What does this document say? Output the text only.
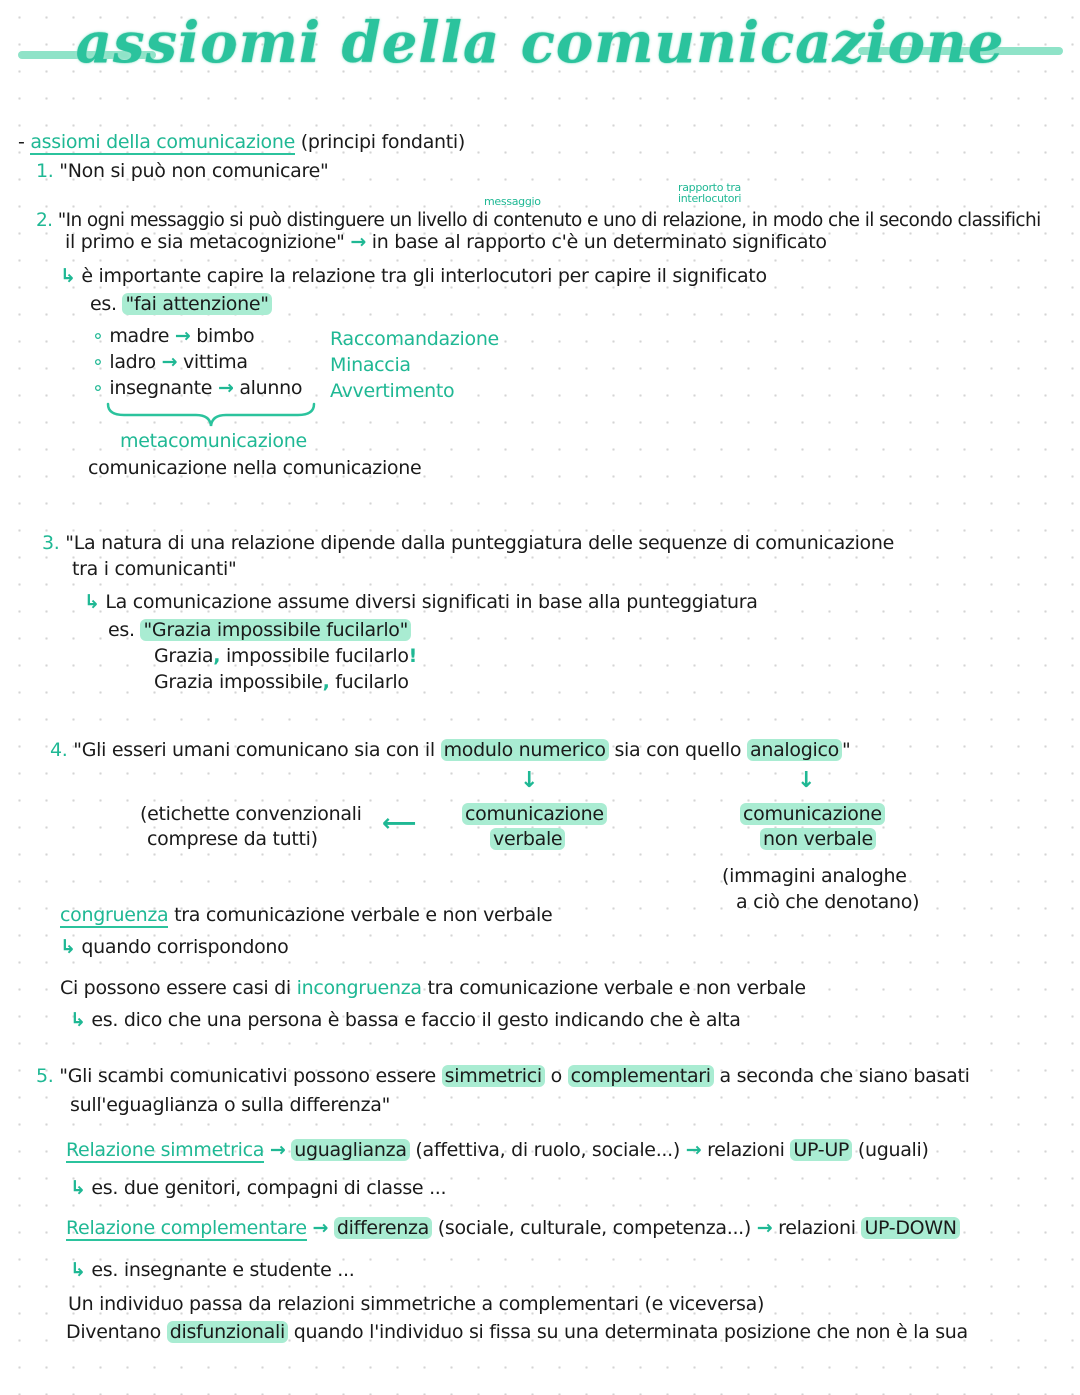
assiomi della comunicazione
- assiomi della comunicazione (principi fondanti)
1. "Non si può non comunicare"
messaggio
rapporto tra
interlocutori
2. "In ogni messaggio si può distinguere un livello di contenuto e uno di relazione, in modo che il secondo classifichi
il primo e sia metacognizione" → in base al rapporto c'è un determinato significato
↳ è importante capire la relazione tra gli interlocutori per capire il significato
es. "fai attenzione"
∘ madre → bimbo
∘ ladro → vittima
∘ insegnante → alunno
Raccomandazione
Minaccia
Avvertimento
metacomunicazione
comunicazione nella comunicazione
3. "La natura di una relazione dipende dalla punteggiatura delle sequenze di comunicazione
tra i comunicanti"
↳ La comunicazione assume diversi significati in base alla punteggiatura
es. "Grazia impossibile fucilarlo"
Grazia, impossibile fucilarlo!
Grazia impossibile, fucilarlo
4. "Gli esseri umani comunicano sia con il modulo numerico sia con quello analogico "
↓	↓
(etichette convenzionali
comprese da tutti)
⟵	comunicazione
verbale
comunicazione
non verbale
(immagini analoghe
a ciò che denotano)
congruenza tra comunicazione verbale e non verbale
↳ quando corrispondono
Ci possono essere casi di incongruenza tra comunicazione verbale e non verbale
↳ es. dico che una persona è bassa e faccio il gesto indicando che è alta
5. "Gli scambi comunicativi possono essere simmetrici o complementari a seconda che siano basati
sull'eguaglianza o sulla differenza"
Relazione simmetrica → uguaglianza (affettiva, di ruolo, sociale...) → relazioni UP-UP (uguali)
↳ es. due genitori, compagni di classe ...
Relazione complementare → differenza (sociale, culturale, competenza...) → relazioni UP-DOWN
↳ es. insegnante e studente ...
Un individuo passa da relazioni simmetriche a complementari (e viceversa)
Diventano disfunzionali quando l'individuo si fissa su una determinata posizione che non è la sua
